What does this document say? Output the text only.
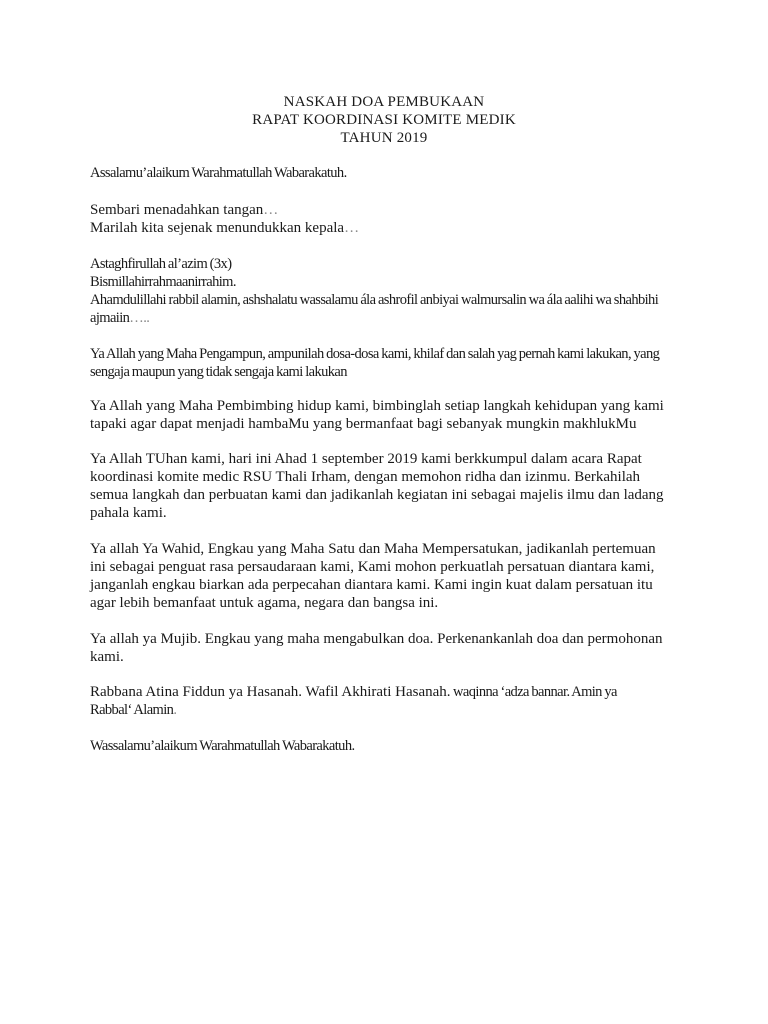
NASKAH DOA PEMBUKAAN
RAPAT KOORDINASI KOMITE MEDIK
TAHUN 2019
Assalamu’alaikum Warahmatullah Wabarakatuh.
Sembari menadahkan tangan…
Marilah kita sejenak menundukkan kepala…
Astaghfirullah al’azim (3x)
Bismillahirrahmaanirrahim.
Ahamdulillahi rabbil alamin, ashshalatu wassalamu ála ashrofil anbiyai walmursalin wa ála aalihi wa shahbihi
ajmaiin…..
Ya Allah yang Maha Pengampun, ampunilah dosa-dosa kami, khilaf dan salah yag pernah kami lakukan, yang
sengaja maupun yang tidak sengaja kami lakukan
Ya Allah yang Maha Pembimbing hidup kami, bimbinglah setiap langkah kehidupan yang kami
tapaki agar dapat menjadi hambaMu yang bermanfaat bagi sebanyak mungkin makhlukMu
Ya Allah TUhan kami, hari ini Ahad 1 september 2019 kami berkkumpul dalam acara Rapat
koordinasi komite medic RSU Thali Irham, dengan memohon ridha dan izinmu. Berkahilah
semua langkah dan perbuatan kami dan jadikanlah kegiatan ini sebagai majelis ilmu dan ladang
pahala kami.
Ya allah Ya Wahid, Engkau yang Maha Satu dan Maha Mempersatukan, jadikanlah pertemuan
ini sebagai penguat rasa persaudaraan kami, Kami mohon perkuatlah persatuan diantara kami,
janganlah engkau biarkan ada perpecahan diantara kami. Kami ingin kuat dalam persatuan itu
agar lebih bemanfaat untuk agama, negara dan bangsa ini.
Ya allah ya Mujib. Engkau yang maha mengabulkan doa. Perkenankanlah doa dan permohonan
kami.
Rabbana Atina Fiddun ya Hasanah. Wafil Akhirati Hasanah. waqinna ‘adza bannar. Amin ya
Rabbal‘ Alamin.
Wassalamu’alaikum Warahmatullah Wabarakatuh.
